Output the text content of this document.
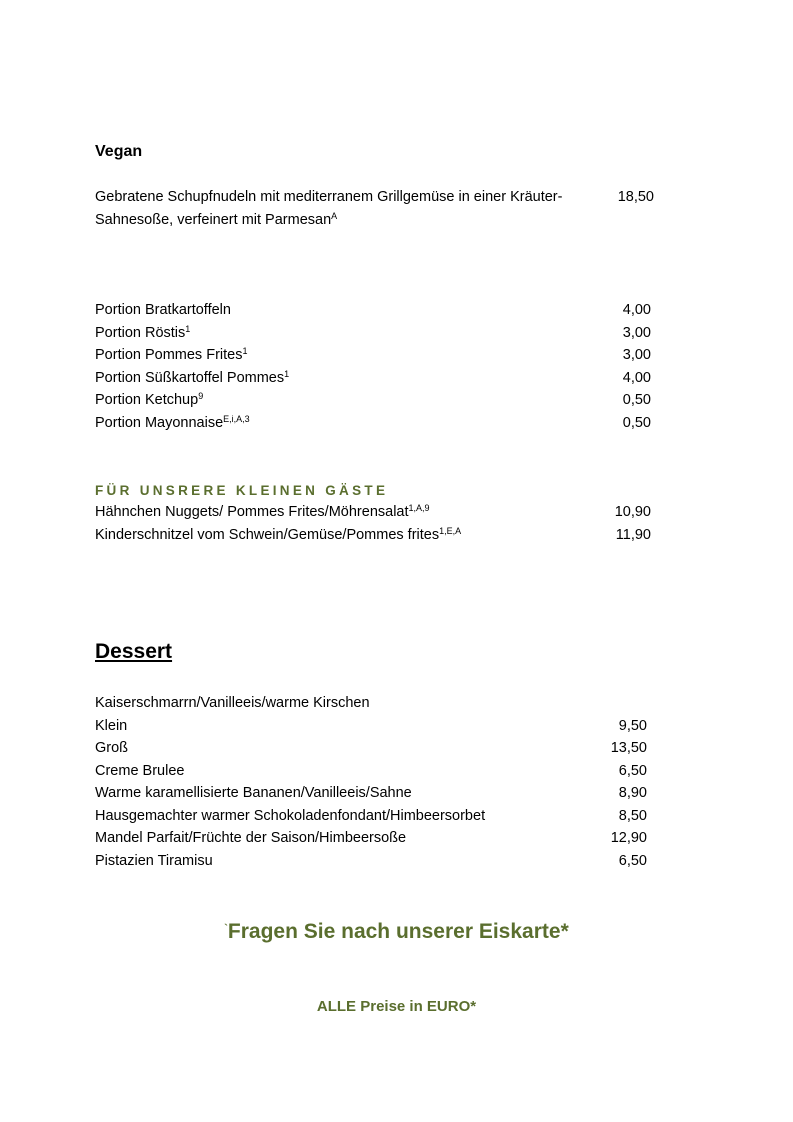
Vegan
Gebratene Schupfnudeln mit mediterranem Grillgemüse in einer Kräuter-
Sahnesoße, verfeinert mit Parmesan$^A$
18,50
Portion Bratkartoffeln	4,00
Portion Röstis$^1$	3,00
Portion Pommes Frites$^1$	3,00
Portion Süßkartoffel Pommes$^1$	4,00
Portion Ketchup$^9$	0,50
Portion Mayonnaise$^{E,i,A,3}$	0,50
FÜR UNSRERE KLEINEN GÄSTE
Hähnchen Nuggets/ Pommes Frites/Möhrensalat$^{1,A,9}$	10,90
Kinderschnitzel vom Schwein/Gemüse/Pommes frites$^{1,E,A}$	11,90
Dessert
Kaiserschmarrn/Vanilleeis/warme Kirschen
Klein	9,50
Groß	13,50
Creme Brulee	6,50
Warme karamellisierte Bananen/Vanilleeis/Sahne	8,90
Hausgemachter warmer Schokoladenfondant/Himbeersorbet	8,50
Mandel Parfait/Früchte der Saison/Himbeersoße	12,90
Pistazien Tiramisu	6,50
`Fragen Sie nach unserer Eiskarte*
ALLE Preise in EURO*
